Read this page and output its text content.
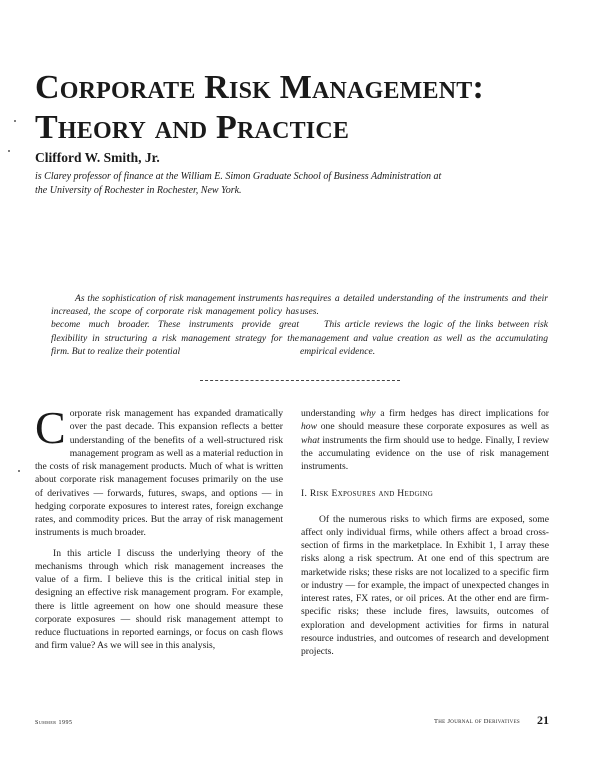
Corporate Risk Management:
Theory and Practice

Clifford W. Smith, Jr.

is Clarey professor of finance at the William E. Simon Graduate School of Business Administration at the University of Rochester in Rochester, New York.

As the sophistication of risk management instruments has increased, the scope of corporate risk management policy has become much broader. These instruments provide great flexibility in structuring a risk management strategy for the firm. But to realize their potential

requires a detailed understanding of the instruments and their uses.

This article reviews the logic of the links between risk management and value creation as well as the accumulating empirical evidence.

Corporate risk management has expanded dramatically over the past decade. This expansion reflects a better understanding of the benefits of a well-structured risk management program as well as a material reduction in the costs of risk management products. Much of what is written about corporate risk management focuses primarily on the use of derivatives — forwards, futures, swaps, and options — in hedging corporate exposures to interest rates, foreign exchange rates, and commodity prices. But the array of risk management instruments is much broader.

In this article I discuss the underlying theory of the mechanisms through which risk management increases the value of a firm. I believe this is the critical initial step in designing an effective risk management program. For example, there is little agreement on how one should measure these corporate exposures — should risk management attempt to reduce fluctuations in reported earnings, or focus on cash flows and firm value? As we will see in this analysis,

understanding why a firm hedges has direct implications for how one should measure these corporate exposures as well as what instruments the firm should use to hedge. Finally, I review the accumulating evidence on the use of risk management instruments.

I. Risk Exposures and Hedging

Of the numerous risks to which firms are exposed, some affect only individual firms, while others affect a broad cross-section of firms in the marketplace. In Exhibit 1, I array these risks along a risk spectrum. At one end of this spectrum are marketwide risks; these risks are not localized to a specific firm or industry — for example, the impact of unexpected changes in interest rates, FX rates, or oil prices. At the other end are firm-specific risks; these include fires, lawsuits, outcomes of exploration and development activities for firms in natural resource industries, and outcomes of research and development projects.

Summer 1995	The Journal of Derivatives 21
